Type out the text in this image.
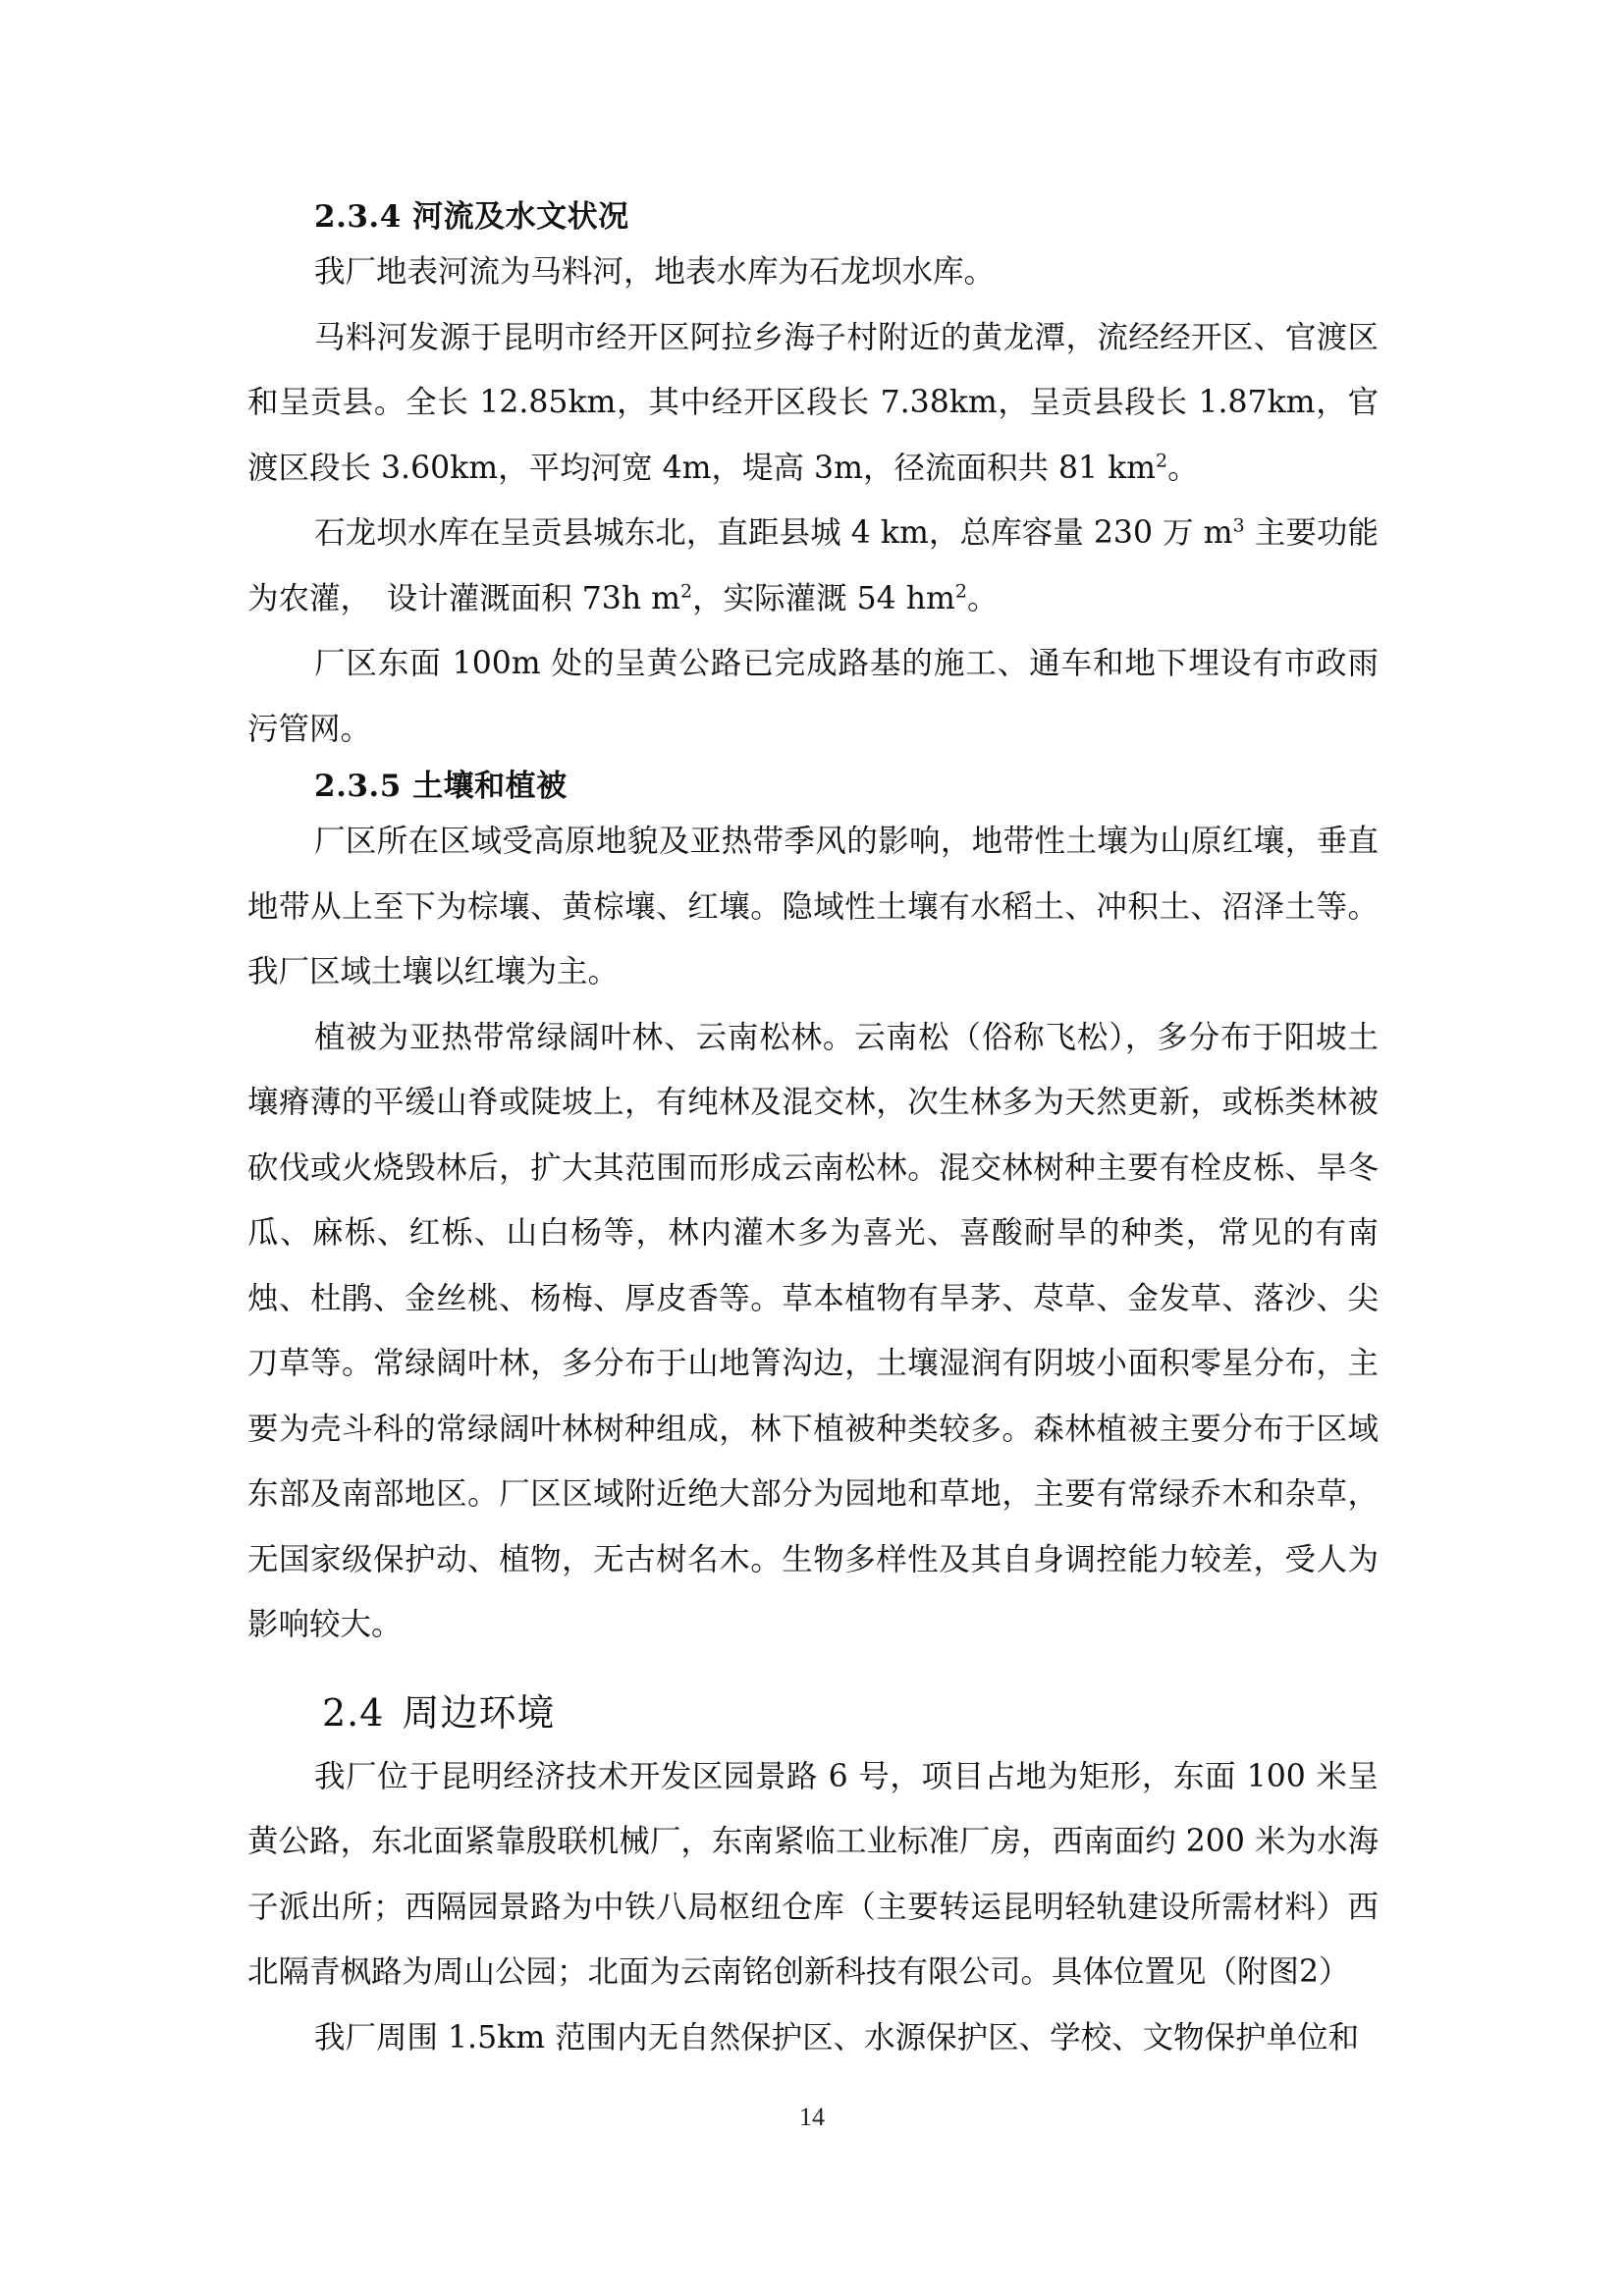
2.3.4 河流及水文状况

我厂地表河流为马料河，地表水库为石龙坝水库。

马料河发源于昆明市经开区阿拉乡海子村附近的黄龙潭，流经经开区、官渡区和呈贡县。全长 12.85km，其中经开区段长 7.38km，呈贡县段长 1.87km，官渡区段长 3.60km，平均河宽 4m，堤高 3m，径流面积共 81 $km^2$。

石龙坝水库在呈贡县城东北，直距县城 4 km，总库容量 230 万 $m^3$ 主要功能为农灌，　设计灌溉面积 73h $m^2$，实际灌溉 54 $hm^2$。

厂区东面 100m 处的呈黄公路已完成路基的施工、通车和地下埋设有市政雨污管网。

2.3.5 土壤和植被

厂区所在区域受高原地貌及亚热带季风的影响，地带性土壤为山原红壤，垂直地带从上至下为棕壤、黄棕壤、红壤。隐域性土壤有水稻土、冲积土、沼泽土等。我厂区域土壤以红壤为主。

植被为亚热带常绿阔叶林、云南松林。云南松（俗称飞松），多分布于阳坡土壤瘠薄的平缓山脊或陡坡上，有纯林及混交林，次生林多为天然更新，或栎类林被砍伐或火烧毁林后，扩大其范围而形成云南松林。混交林树种主要有栓皮栎、旱冬瓜、麻栎、红栎、山白杨等，林内灌木多为喜光、喜酸耐旱的种类，常见的有南烛、杜鹃、金丝桃、杨梅、厚皮香等。草本植物有旱茅、荩草、金发草、落沙、尖刀草等。常绿阔叶林，多分布于山地箐沟边，土壤湿润有阴坡小面积零星分布，主要为壳斗科的常绿阔叶林树种组成，林下植被种类较多。森林植被主要分布于区域东部及南部地区。厂区区域附近绝大部分为园地和草地，主要有常绿乔木和杂草，无国家级保护动、植物，无古树名木。生物多样性及其自身调控能力较差，受人为影响较大。

2.4 周边环境

我厂位于昆明经济技术开发区园景路 6 号，项目占地为矩形，东面 100 米呈黄公路，东北面紧靠殷联机械厂，东南紧临工业标准厂房，西南面约 200 米为水海子派出所；西隔园景路为中铁八局枢纽仓库（主要转运昆明轻轨建设所需材料）西北隔青枫路为周山公园；北面为云南铭创新科技有限公司。具体位置见（附图2）

我厂周围 1.5km 范围内无自然保护区、水源保护区、学校、文物保护单位和

14
